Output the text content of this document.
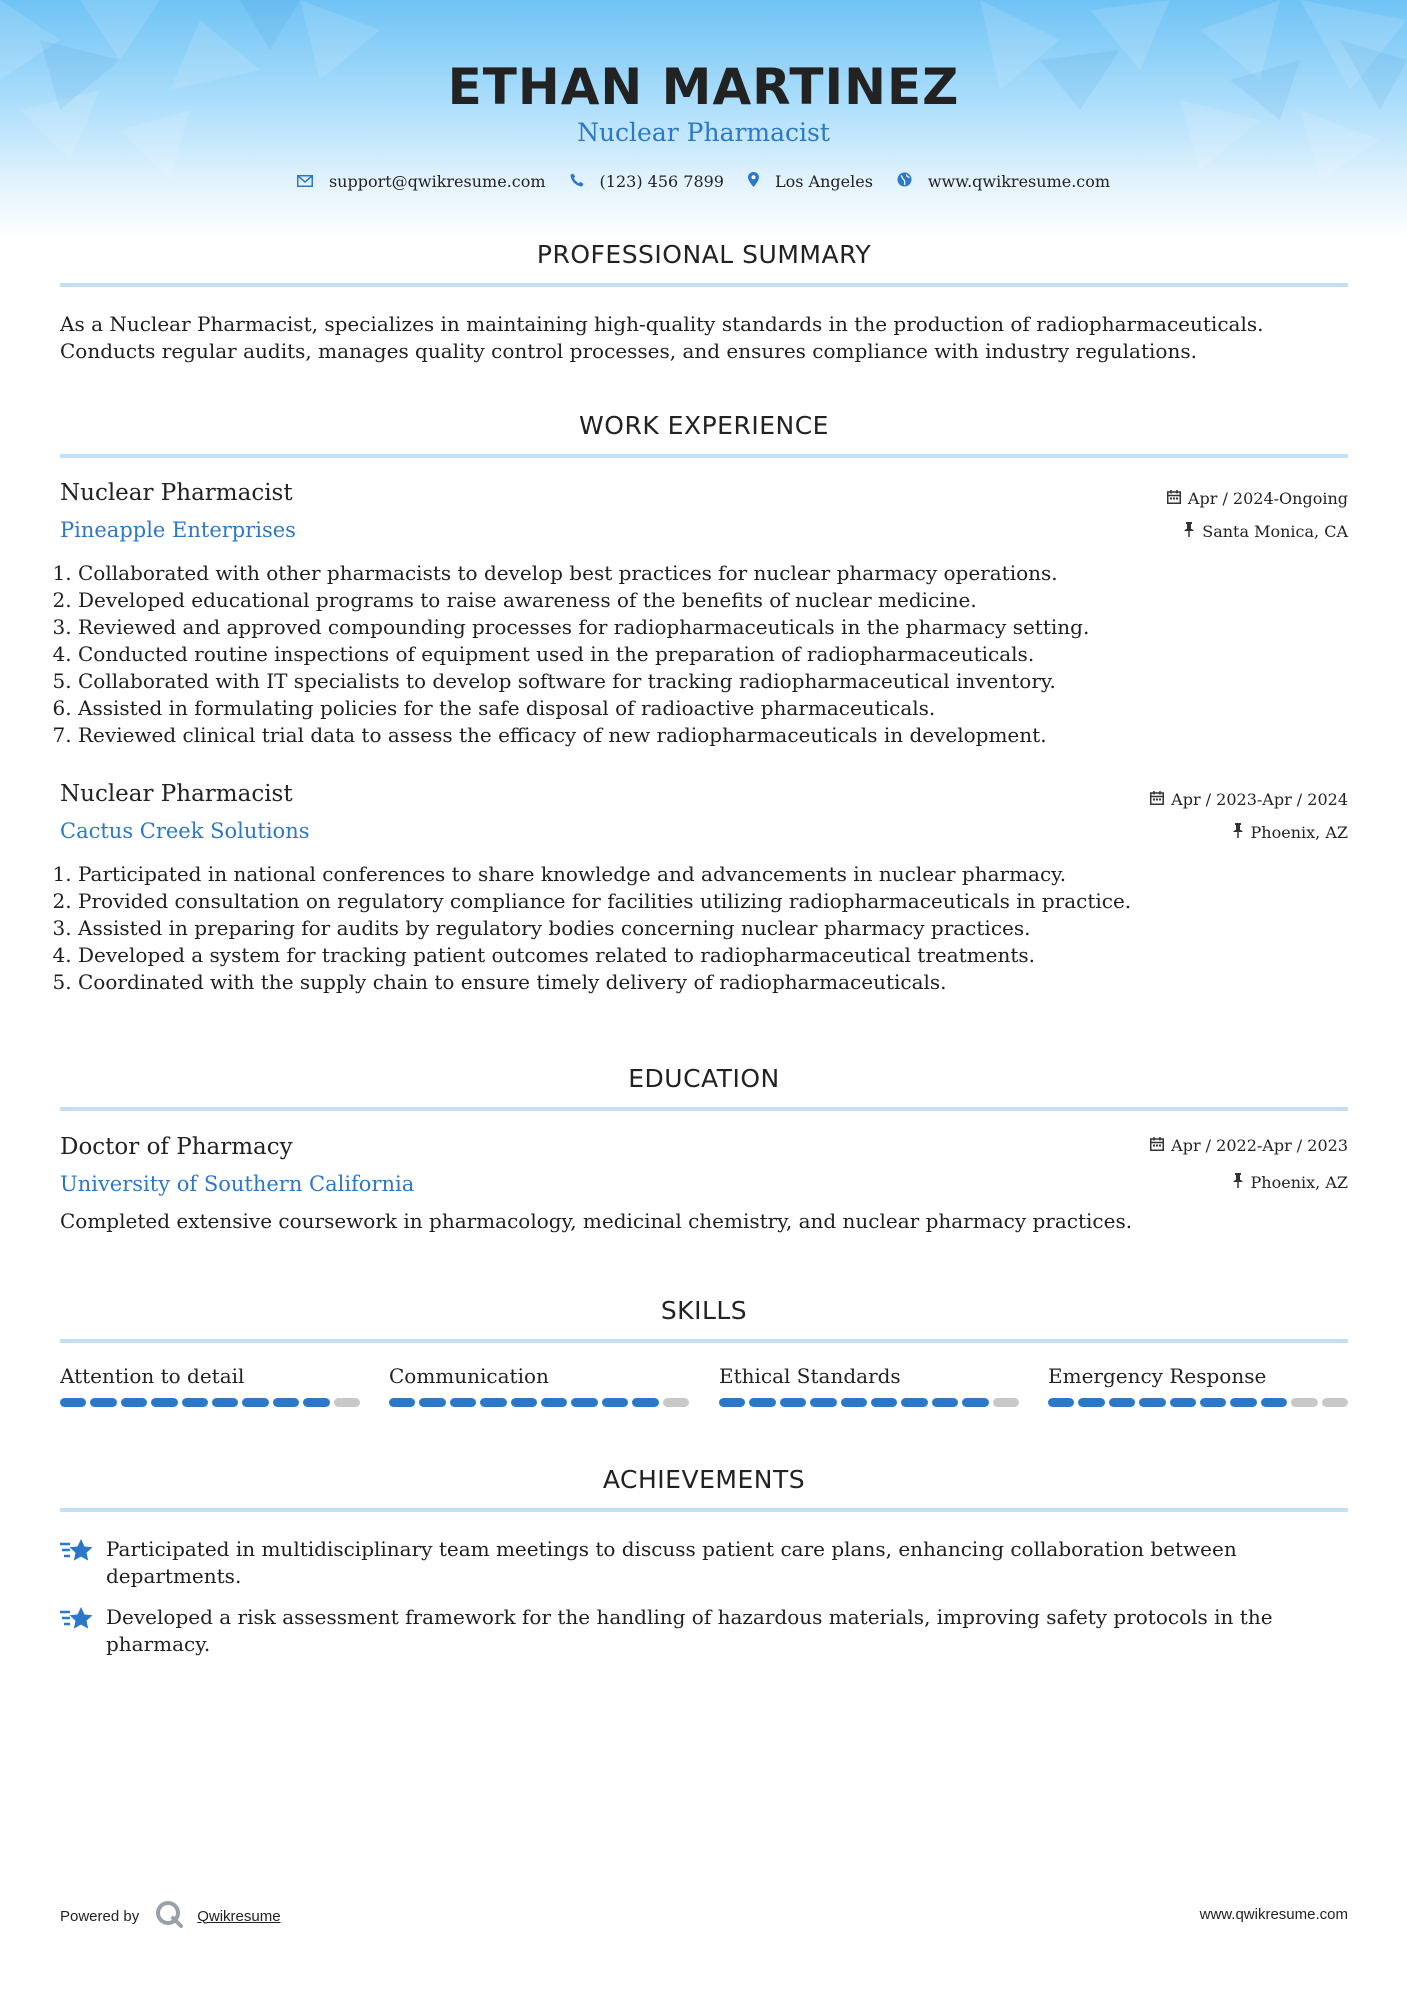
ETHAN MARTINEZ
Nuclear Pharmacist
support@qwikresume.com	(123) 456 7899	Los Angeles	www.qwikresume.com
PROFESSIONAL SUMMARY
As a Nuclear Pharmacist, specializes in maintaining high-quality standards in the production of radiopharmaceuticals. Conducts regular audits, manages quality control processes, and ensures compliance with industry regulations.
WORK EXPERIENCE
Nuclear Pharmacist
Pineapple Enterprises
Apr / 2024-Ongoing
Santa Monica, CA
1. Collaborated with other pharmacists to develop best practices for nuclear pharmacy operations.
2. Developed educational programs to raise awareness of the benefits of nuclear medicine.
3. Reviewed and approved compounding processes for radiopharmaceuticals in the pharmacy setting.
4. Conducted routine inspections of equipment used in the preparation of radiopharmaceuticals.
5. Collaborated with IT specialists to develop software for tracking radiopharmaceutical inventory.
6. Assisted in formulating policies for the safe disposal of radioactive pharmaceuticals.
7. Reviewed clinical trial data to assess the efficacy of new radiopharmaceuticals in development.
Nuclear Pharmacist
Cactus Creek Solutions
Apr / 2023-Apr / 2024
Phoenix, AZ
1. Participated in national conferences to share knowledge and advancements in nuclear pharmacy.
2. Provided consultation on regulatory compliance for facilities utilizing radiopharmaceuticals in practice.
3. Assisted in preparing for audits by regulatory bodies concerning nuclear pharmacy practices.
4. Developed a system for tracking patient outcomes related to radiopharmaceutical treatments.
5. Coordinated with the supply chain to ensure timely delivery of radiopharmaceuticals.
EDUCATION
Doctor of Pharmacy
University of Southern California
Apr / 2022-Apr / 2023
Phoenix, AZ
Completed extensive coursework in pharmacology, medicinal chemistry, and nuclear pharmacy practices.
SKILLS
Attention to detail	Communication	Ethical Standards	Emergency Response
ACHIEVEMENTS
Participated in multidisciplinary team meetings to discuss patient care plans, enhancing collaboration between departments.
Developed a risk assessment framework for the handling of hazardous materials, improving safety protocols in the pharmacy.
Powered by	Qwikresume	www.qwikresume.com
